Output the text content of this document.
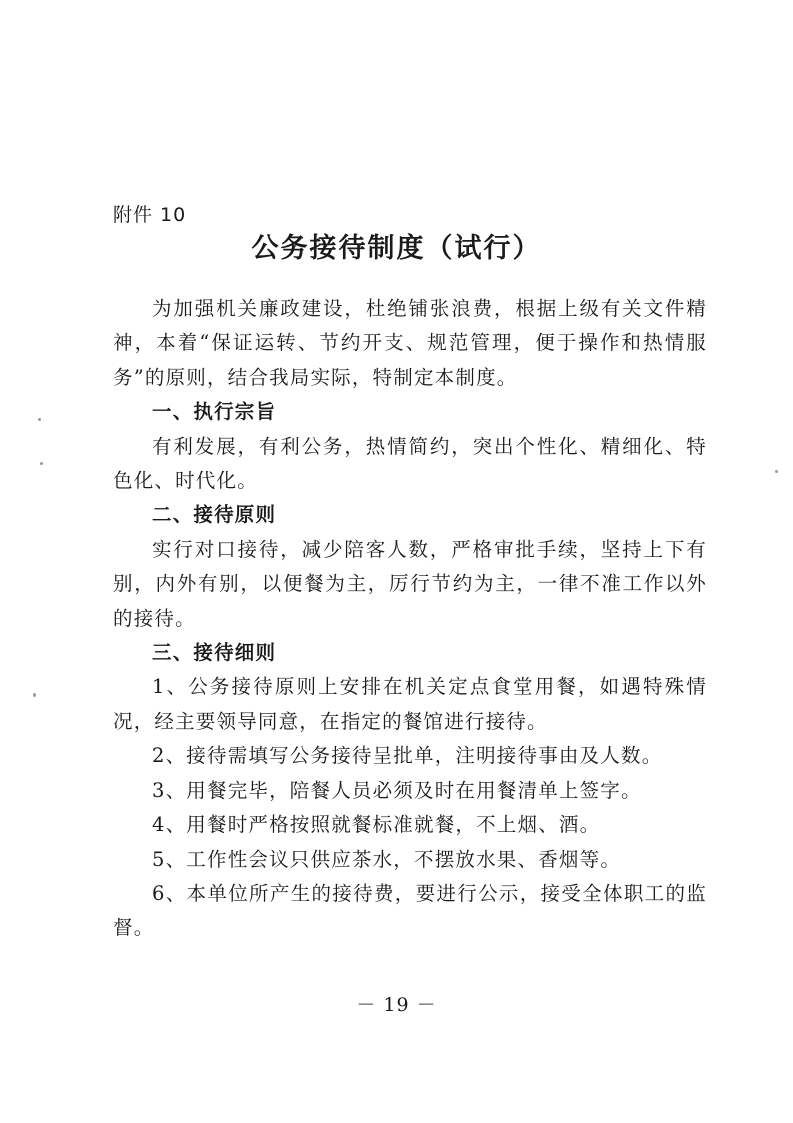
附件 10
公务接待制度（试行）

为加强机关廉政建设，杜绝铺张浪费，根据上级有关文件精神，本着“保证运转、节约开支、规范管理，便于操作和热情服务”的原则，结合我局实际，特制定本制度。

一、执行宗旨

有利发展，有利公务，热情简约，突出个性化、精细化、特色化、时代化。

二、接待原则

实行对口接待，减少陪客人数，严格审批手续，坚持上下有别，内外有别，以便餐为主，厉行节约为主，一律不准工作以外的接待。

三、接待细则

1、公务接待原则上安排在机关定点食堂用餐，如遇特殊情况，经主要领导同意，在指定的餐馆进行接待。

2、接待需填写公务接待呈批单，注明接待事由及人数。

3、用餐完毕，陪餐人员必须及时在用餐清单上签字。

4、用餐时严格按照就餐标准就餐，不上烟、酒。

5、工作性会议只供应茶水，不摆放水果、香烟等。

6、本单位所产生的接待费，要进行公示，接受全体职工的监督。

－ 19 －
